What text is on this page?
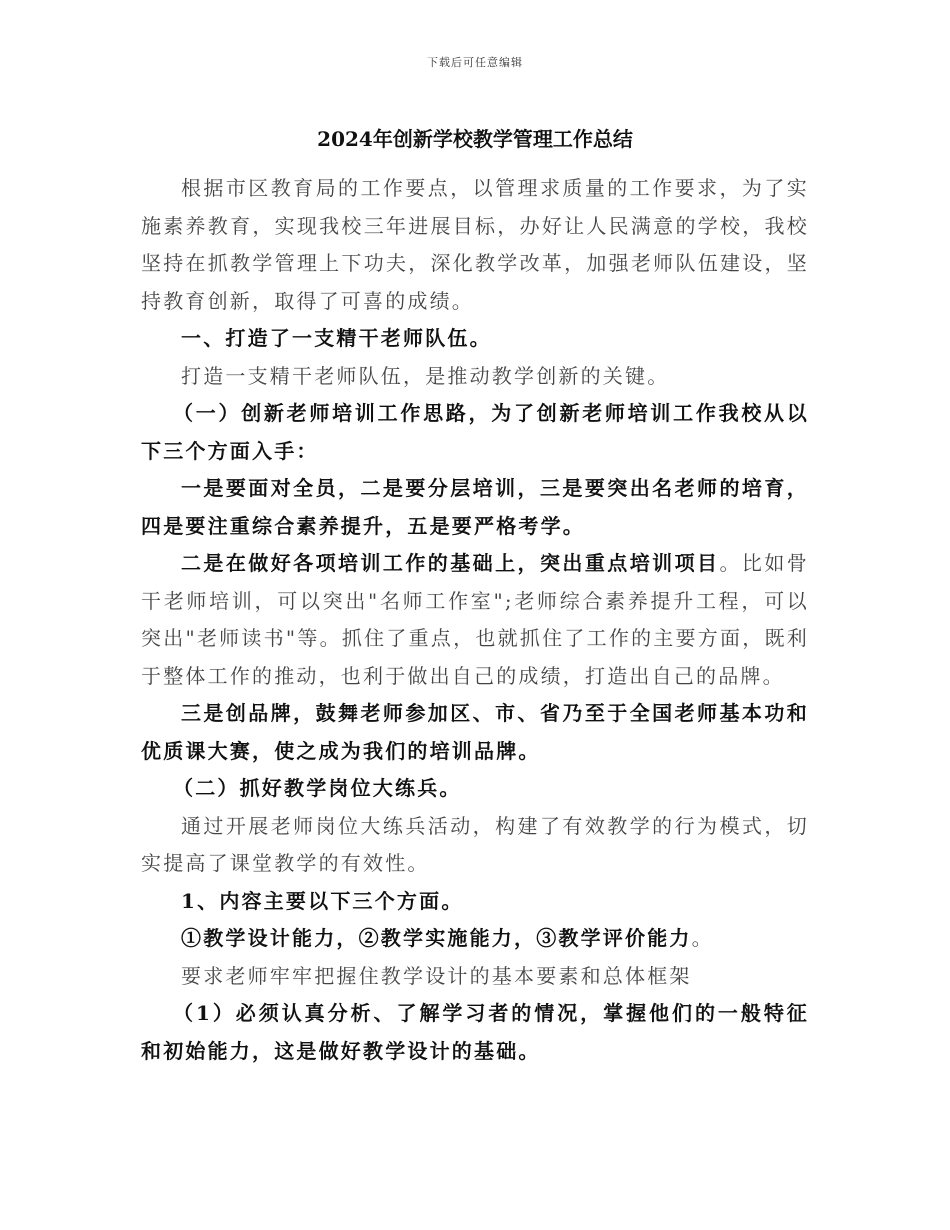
下载后可任意编辑
2024年创新学校教学管理工作总结

根据市区教育局的工作要点，以管理求质量的工作要求，为了实施素养教育，实现我校三年进展目标，办好让人民满意的学校，我校坚持在抓教学管理上下功夫，深化教学改革，加强老师队伍建设，坚持教育创新，取得了可喜的成绩。

一、打造了一支精干老师队伍。

打造一支精干老师队伍，是推动教学创新的关键。

（一）创新老师培训工作思路，为了创新老师培训工作我校从以下三个方面入手：

一是要面对全员，二是要分层培训，三是要突出名老师的培育，四是要注重综合素养提升，五是要严格考学。

二是在做好各项培训工作的基础上，突出重点培训项目。比如骨干老师培训，可以突出"名师工作室";老师综合素养提升工程，可以突出"老师读书"等。抓住了重点，也就抓住了工作的主要方面，既利于整体工作的推动，也利于做出自己的成绩，打造出自己的品牌。

三是创品牌，鼓舞老师参加区、市、省乃至于全国老师基本功和优质课大赛，使之成为我们的培训品牌。

（二）抓好教学岗位大练兵。

通过开展老师岗位大练兵活动，构建了有效教学的行为模式，切实提高了课堂教学的有效性。

1、内容主要以下三个方面。

①教学设计能力，②教学实施能力，③教学评价能力。

要求老师牢牢把握住教学设计的基本要素和总体框架

（1）必须认真分析、了解学习者的情况，掌握他们的一般特征和初始能力，这是做好教学设计的基础。
